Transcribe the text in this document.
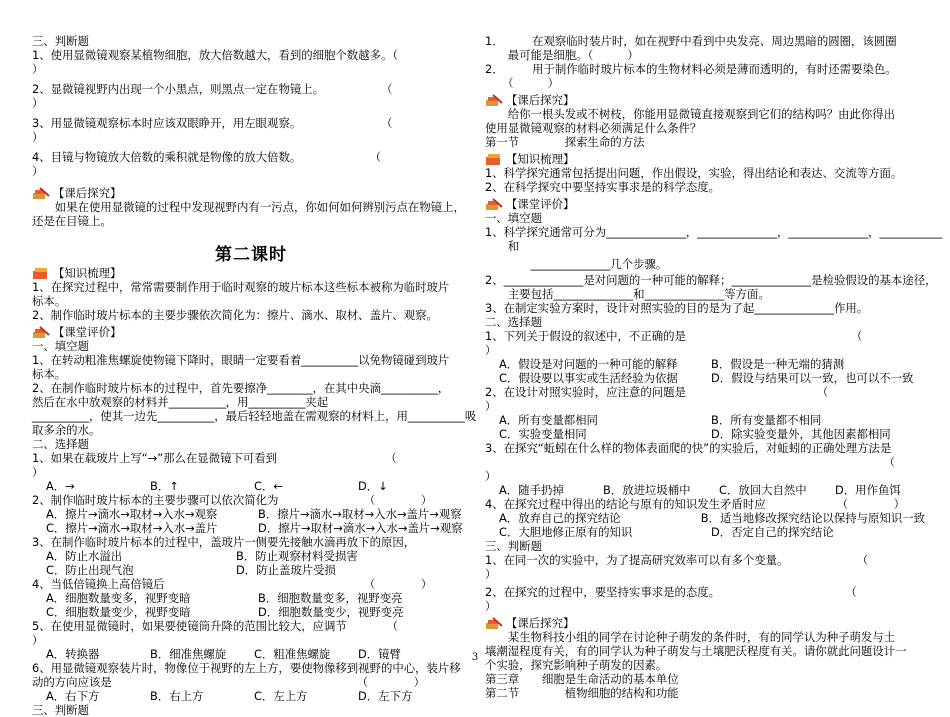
三、判断题
1、使用显微镜观察某植物细胞，放大倍数越大，看到的细胞个数越多。（
）
2、显微镜视野内出现一个小黑点，则黑点一定在物镜上。　　　　　　（
）
3、用显微镜观察标本时应该双眼睁开，用左眼观察。　　　　　　　　（
）
4、目镜与物镜放大倍数的乘积就是物像的放大倍数。　　　　　　　（
）
【课后探究】
　　如果在使用显微镜的过程中发现视野内有一污点，你如何如何辨别污点在物镜上，
还是在目镜上。
第二课时
【知识梳理】
1、在探究过程中，常常需要制作用于临时观察的玻片标本这些标本被称为临时玻片
标本。
2、制作临时玻片标本的主要步骤依次简化为：擦片、滴水、取材、盖片、观察。
【课堂评价】
一、填空题
1、在转动粗准焦螺旋使物镜下降时，眼睛一定要看着__________以免物镜碰到玻片
标本。
2、在制作临时玻片标本的过程中，首先要擦净________，在其中央滴__________，
然后在水中放观察的材料并__________，用__________夹起
__________，使其一边先__________，最后轻轻地盖在需观察的材料上，用__________吸
取多余的水。
二、选择题
1、如果在载玻片上写“→”那么在显微镜下可看到　　　　　　　　　　（
）
A．→	B．↑	C．←	D．↓
2、制作临时玻片标本的主要步骤可以依次简化为　　　　　　　　（　　　　）
A．擦片→滴水→取材→入水→观察	B．擦片→滴水→取材→入水→盖片→观察
C．擦片→滴水→取材→入水→盖片	D．擦片→取材→滴水→入水→盖片→观察
3、在制作临时玻片标本的过程中，盖玻片一侧要先接触水滴再放下的原因，
A．防止水溢出	B．防止观察材料受损害
C．防止出现气泡	D．防止盖玻片受损
4、当低倍镜换上高倍镜后　　　　　　　　　　　　　　　　　　（　　　　）
A．细胞数量变多，视野变暗	B．细胞数量变多，视野变亮
C．细胞数量变少，视野变暗	D．细胞数量变少，视野变亮
5、在使用显微镜时，如果要使镜筒升降的范围比较大，应调节　　　　（
）
A．转换器	B．细准焦螺旋	C．粗准焦螺旋	D．镜臂
6、用显微镜观察装片时，物像位于视野的左上方，要使物像移到视野的中心，装片移
动的方向应该是　　　　　　　　　　　　　　　　　　　　　　（　　　　）
A．右下方	B．右上方	C．左上方	D．左下方
三、判断题
1．　　　在观察临时装片时，如在视野中看到中央发亮、周边黑暗的圆圈，该圆圈
　　最可能是细胞。（　　　）
2．　　　用于制作临时玻片标本的生物材料必须是薄而透明的，有时还需要染色。
　　（　　　）
【课后探究】
　　给你一根头发或不树枝，你能用显微镜直接观察到它们的结构吗？由此你得出
使用显微镜观察的材料必须满足什么条件？
第一节　　　　探索生命的方法
【知识梳理】
1、科学探究通常包括提出问题，作出假设，实验，得出结论和表达、交流等方面。
2、在科学探究中要坚持实事求是的科学态度。
【课堂评价】
一、填空题
1、科学探究通常可分为______________，______________，______________，___________
　　和
　　　　______________几个步骤。
2、______________是对问题的一种可能的解释；______________是检验假设的基本途径，
　　主要包括______________和______________等方面。
3、在制定实验方案时，设计对照实验的目的是为了起______________作用。
二、选择题
1、下列关于假设的叙述中，不正确的是　　　　　　　　　　　　　　　（
）
A．假设是对问题的一种可能的解释	B．假设是一种无端的猜测
C．假设要以事实或生活经验为依据	D．假设与结果可以一致，也可以不一致
2、在设计对照实验时，应注意的问题是　　　　　　　　　　　　（
）
A．所有变量都相同	B．所有变量都不相同
C．实验变量相同	D．除实验变量外，其他因素都相同
3、在探究“蚯蚓在什么样的物体表面爬的快”的实验后，对蚯蚓的正确处理方法是
（
）
A．随手扔掉	B．放进垃圾桶中	C．放回大自然中	D．用作鱼饵
4、在探究过程中得出的结论与原有的知识发生矛盾时应	（　　　　）
A．放弃自己的探究结论	B．适当地修改探究结论以保持与原知识一致
C．大胆地修正原有的知识	D．否定自己的探究结论
三、判断题
1、在同一次的实验中，为了提高研究效率可以有多个变量。　　　　　　　（
）
2、在探究的过程中，要坚持实事求是的态度。　　　　　　　　　　　　（
）
【课后探究】
　　某生物科技小组的同学在讨论种子萌发的条件时，有的同学认为种子萌发与土
壤潮湿程度有关，有的同学认为种子萌发与土壤肥沃程度有关。请你就此问题设计一
个实验，探究影响种子萌发的因素。
第三章　　细胞是生命活动的基本单位
第二节　　　　植物细胞的结构和功能
3
